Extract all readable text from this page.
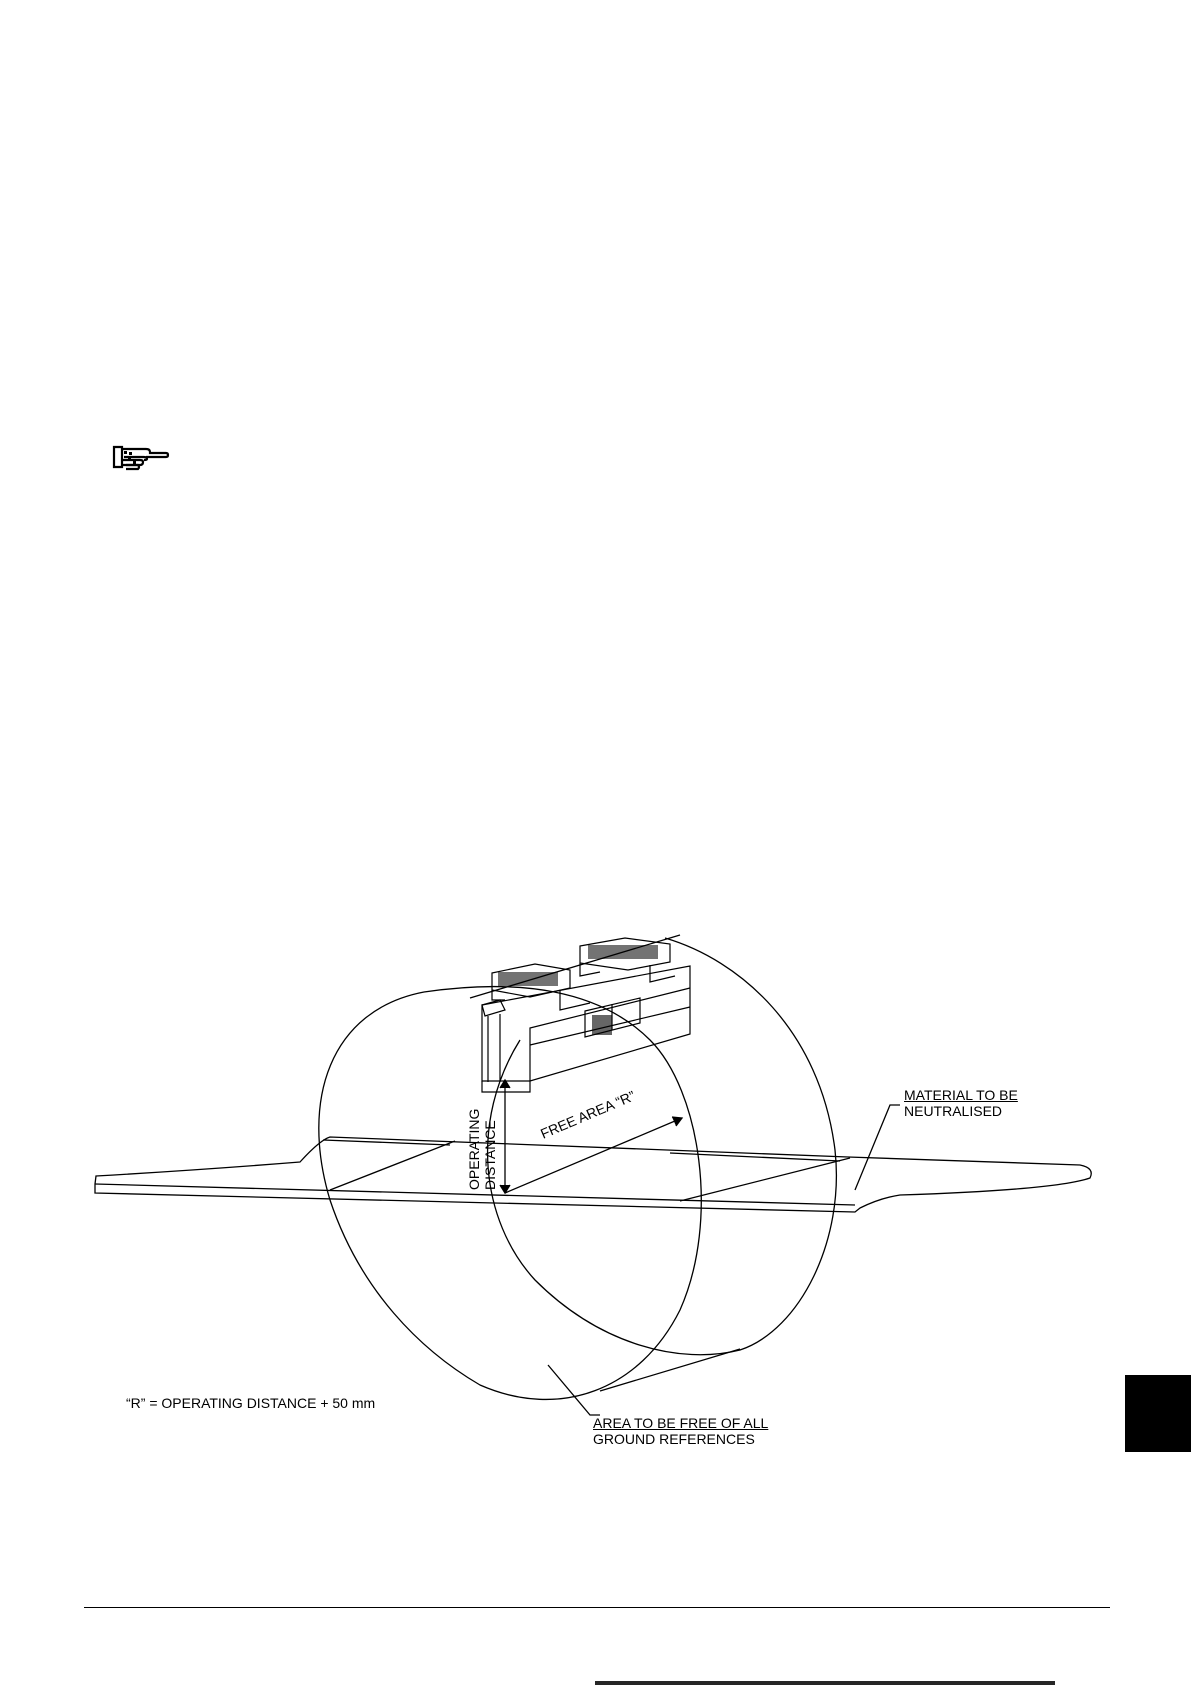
MATERIAL TO BE
NEUTRALISED
AREA TO BE FREE OF ALL
GROUND REFERENCES
FREE AREA “R”
OPERATING DISTANCE
“R” = OPERATING DISTANCE + 50 mm
